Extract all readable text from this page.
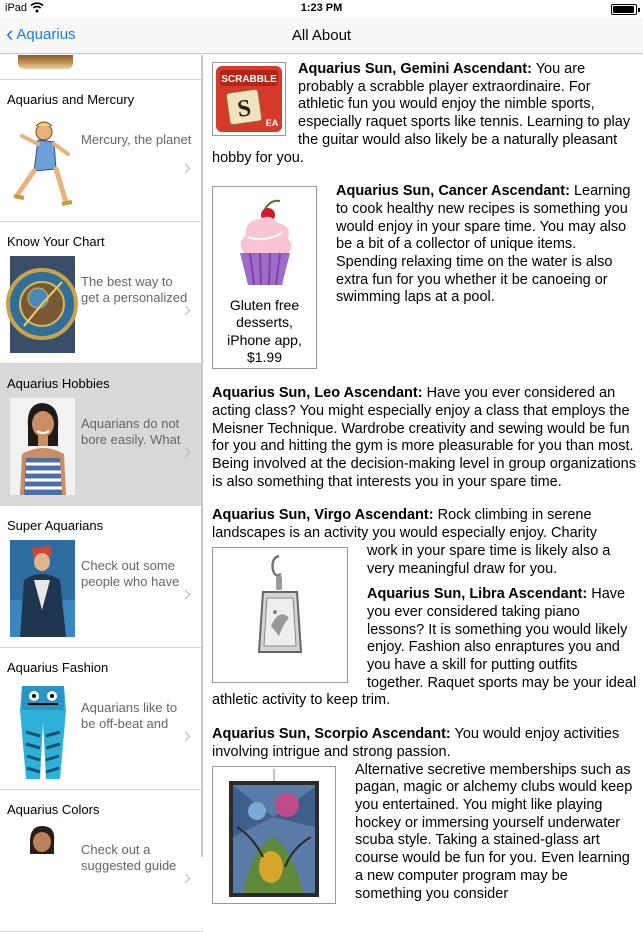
iPad	1:23 PM
‹ Aquarius	All About
Aquarius and Mercury
Mercury, the planet
Know Your Chart
The best way to get a personalized
Aquarius Hobbies
Aquarians do not bore easily. What
Super Aquarians
Check out some people who have
Aquarius Fashion
Aquarians like to be off-beat and
Aquarius Colors
Check out a suggested guide
SCRABBLE
S
EA
Aquarius Sun, Gemini Ascendant: You are probably a scrabble player extraordinaire. For athletic fun you would enjoy the nimble sports, especially raquet sports like tennis. Learning to play the guitar would also likely be a naturally pleasant hobby for you.
Gluten free desserts, iPhone app, $1.99
Aquarius Sun, Cancer Ascendant: Learning to cook healthy new recipes is something you would enjoy in your spare time. You may also be a bit of a collector of unique items. Spending relaxing time on the water is also extra fun for you whether it be canoeing or swimming laps at a pool.
Aquarius Sun, Leo Ascendant: Have you ever considered an acting class? You might especially enjoy a class that employs the Meisner Technique. Wardrobe creativity and sewing would be fun for you and hitting the gym is more pleasurable for you than most. Being involved at the decision-making level in group organizations is also something that interests you in your spare time.
Aquarius Sun, Virgo Ascendant: Rock climbing in serene landscapes is an activity you would especially enjoy. Charity

work in your spare time is likely also a very meaningful draw for you.
Aquarius Sun, Libra Ascendant: Have you ever considered taking piano lessons? It is something you would likely enjoy. Fashion also enraptures you and you have a skill for putting outfits together. Raquet sports may be your ideal athletic activity to keep trim.
Aquarius Sun, Scorpio Ascendant: You would enjoy activities involving intrigue and strong passion.

Alternative secretive memberships such as pagan, magic or alchemy clubs would keep you entertained. You might like playing hockey or immersing yourself underwater scuba style. Taking a stained-glass art course would be fun for you. Even learning a new computer program may be something you consider
